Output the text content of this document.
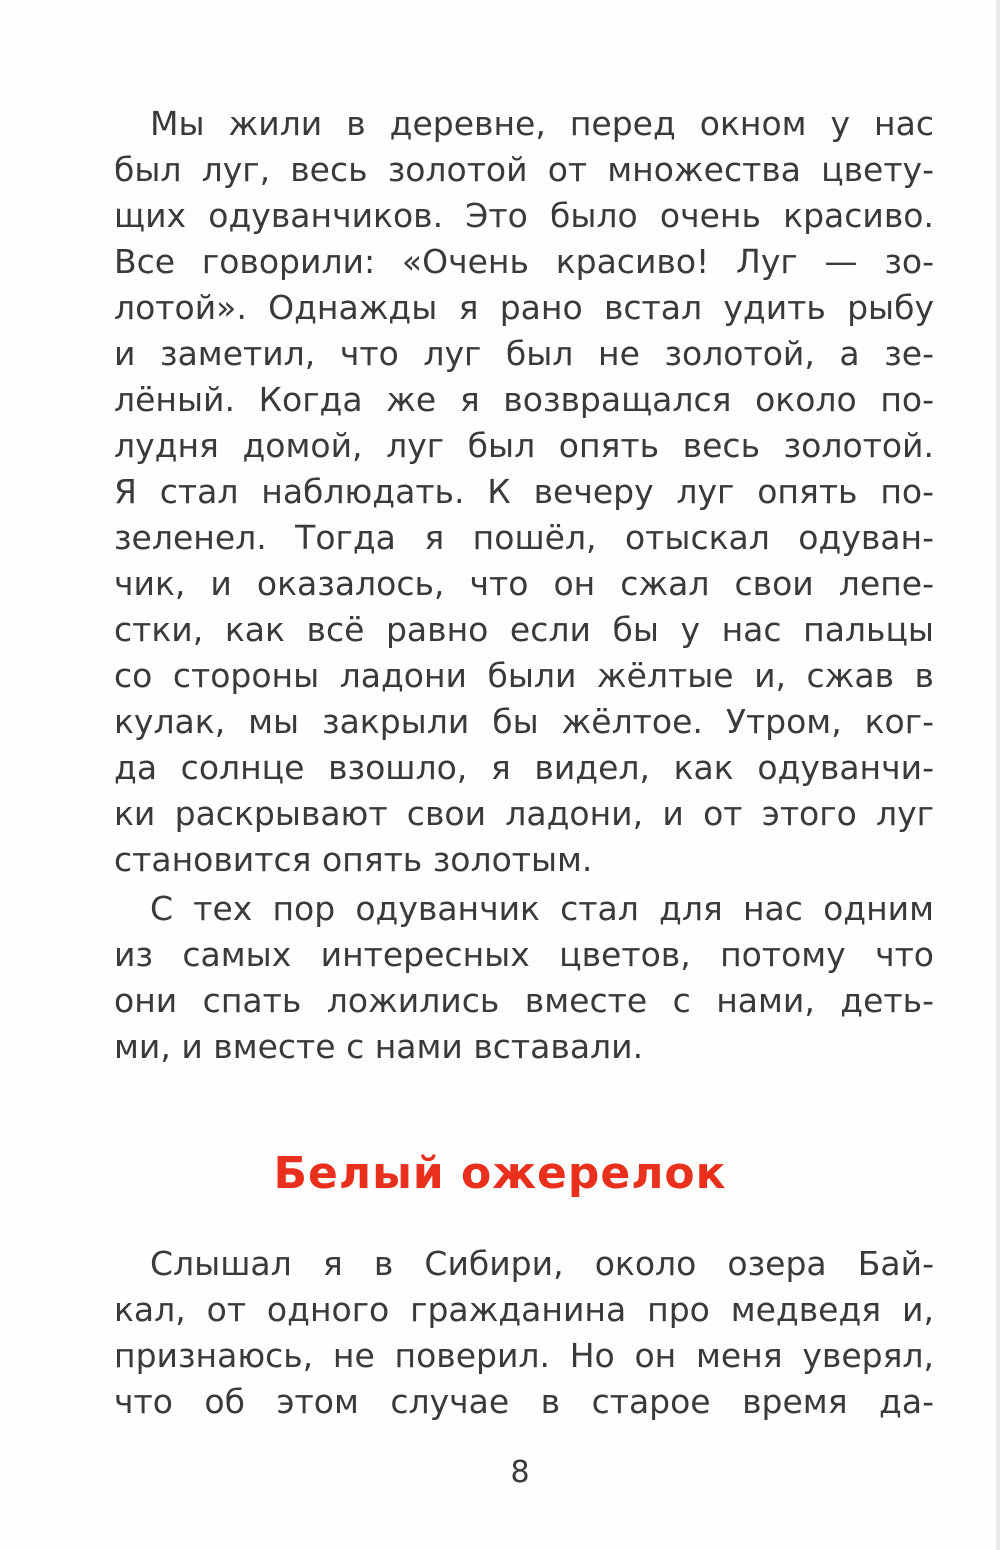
Мы жили в деревне, перед окном у нас
был луг, весь золотой от множества цвету-
щих одуванчиков. Это было очень красиво.
Все говорили: «Очень красиво! Луг — зо-
лотой». Однажды я рано встал удить рыбу
и заметил, что луг был не золотой, а зе-
лёный. Когда же я возвращался около по-
лудня домой, луг был опять весь золотой.
Я стал наблюдать. К вечеру луг опять по-
зеленел. Тогда я пошёл, отыскал одуван-
чик, и оказалось, что он сжал свои лепе-
стки, как всё равно если бы у нас пальцы
со стороны ладони были жёлтые и, сжав в
кулак, мы закрыли бы жёлтое. Утром, ког-
да солнце взошло, я видел, как одуванчи-
ки раскрывают свои ладони, и от этого луг
становится опять золотым.
С тех пор одуванчик стал для нас одним
из самых интересных цветов, потому что
они спать ложились вместе с нами, деть-
ми, и вместе с нами вставали.
Белый ожерелок
Слышал я в Сибири, около озера Бай-
кал, от одного гражданина про медведя и,
признаюсь, не поверил. Но он меня уверял,
что об этом случае в старое время да-
8
